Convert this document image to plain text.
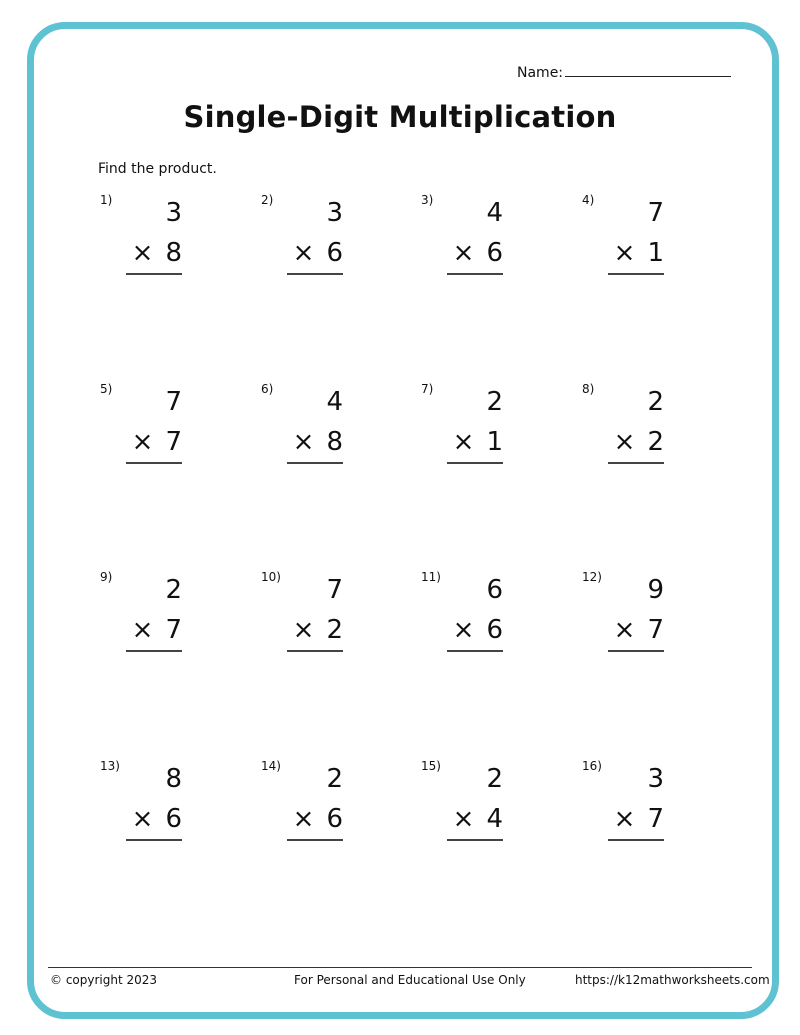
Name:
Single-Digit Multiplication
Find the product.
1)	3
× 8
2)	3
× 6
3)	4
× 6
4)	7
× 1
5)	7
× 7
6)	4
× 8
7)	2
× 1
8)	2
× 2
9)	2
× 7
10)	7
× 2
11)	6
× 6
12)	9
× 7
13)	8
× 6
14)	2
× 6
15)	2
× 4
16)	3
× 7
© copyright 2023	For Personal and Educational Use Only	https://k12mathworksheets.com
